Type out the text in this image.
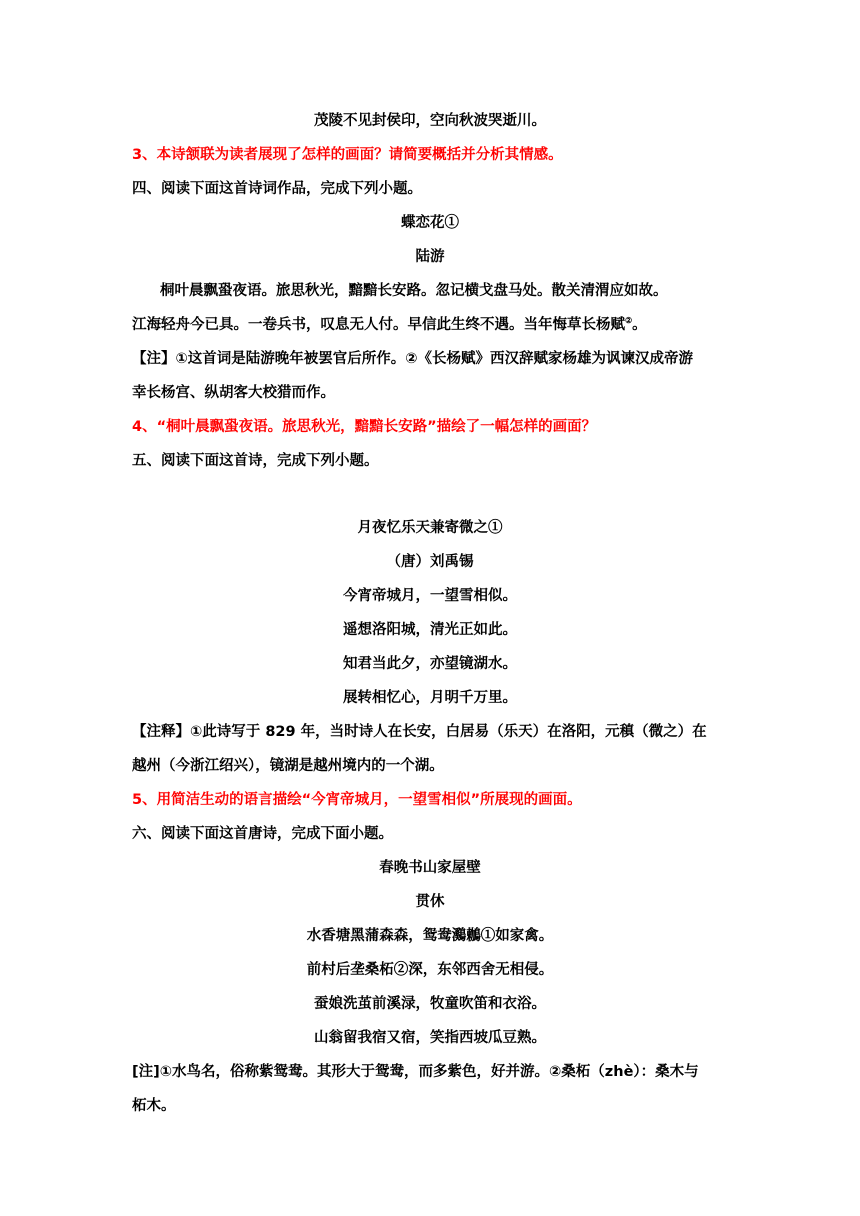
茂陵不见封侯印，空向秋波哭逝川。
3、本诗颔联为读者展现了怎样的画面？请简要概括并分析其情感。
四、阅读下面这首诗词作品，完成下列小题。
蝶恋花①
陆游
桐叶晨飘蛩夜语。旅思秋光，黯黯长安路。忽记横戈盘马处。散关清渭应如故。
江海轻舟今已具。一卷兵书，叹息无人付。早信此生终不遇。当年悔草长杨赋②。
【注】①这首词是陆游晚年被罢官后所作。②《长杨赋》西汉辞赋家杨雄为讽谏汉成帝游
幸长杨宫、纵胡客大校猎而作。
4、“桐叶晨飘蛩夜语。旅思秋光，黯黯长安路”描绘了一幅怎样的画面？
五、阅读下面这首诗，完成下列小题。
月夜忆乐天兼寄微之①
（唐）刘禹锡
今宵帝城月，一望雪相似。
遥想洛阳城，清光正如此。
知君当此夕，亦望镜湖水。
展转相忆心，月明千万里。
【注释】①此诗写于 829 年，当时诗人在长安，白居易（乐天）在洛阳，元稹（微之）在
越州（今浙江绍兴），镜湖是越州境内的一个湖。
5、用简洁生动的语言描绘“今宵帝城月，一望雪相似”所展现的画面。
六、阅读下面这首唐诗，完成下面小题。
春晚书山家屋壁
贯休
水香塘黑蒲森森，鸳鸯鸂鶒①如家禽。
前村后垄桑柘②深，东邻西舍无相侵。
蚕娘洗茧前溪渌，牧童吹笛和衣浴。
山翁留我宿又宿，笑指西坡瓜豆熟。
[注]①水鸟名，俗称紫鸳鸯。其形大于鸳鸯，而多紫色，好并游。②桑柘（zhè）：桑木与
柘木。
